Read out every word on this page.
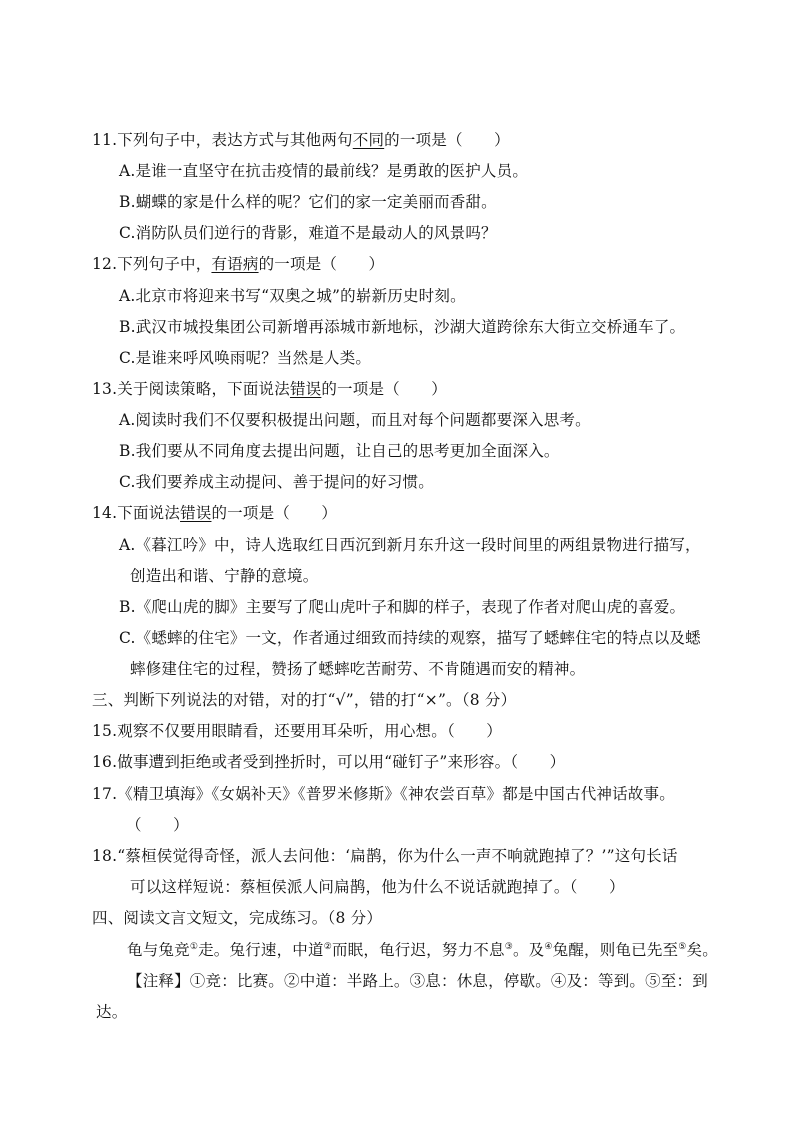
11.下列句子中，表达方式与其他两句不同的一项是（　　）
A.是谁一直坚守在抗击疫情的最前线？是勇敢的医护人员。
B.蝴蝶的家是什么样的呢？它们的家一定美丽而香甜。
C.消防队员们逆行的背影，难道不是最动人的风景吗？
12.下列句子中，有语病的一项是（　　）
A.北京市将迎来书写“双奥之城”的崭新历史时刻。
B.武汉市城投集团公司新增再添城市新地标，沙湖大道跨徐东大街立交桥通车了。
C.是谁来呼风唤雨呢？当然是人类。
13.关于阅读策略，下面说法错误的一项是（　　）
A.阅读时我们不仅要积极提出问题，而且对每个问题都要深入思考。
B.我们要从不同角度去提出问题，让自己的思考更加全面深入。
C.我们要养成主动提问、善于提问的好习惯。
14.下面说法错误的一项是（　　）
A.《暮江吟》中，诗人选取红日西沉到新月东升这一段时间里的两组景物进行描写，
创造出和谐、宁静的意境。
B.《爬山虎的脚》主要写了爬山虎叶子和脚的样子，表现了作者对爬山虎的喜爱。
C.《蟋蟀的住宅》一文，作者通过细致而持续的观察，描写了蟋蟀住宅的特点以及蟋
蟀修建住宅的过程，赞扬了蟋蟀吃苦耐劳、不肯随遇而安的精神。
三、判断下列说法的对错，对的打“√”，错的打“×”。（8 分）
15.观察不仅要用眼睛看，还要用耳朵听，用心想。（　　）
16.做事遭到拒绝或者受到挫折时，可以用“碰钉子”来形容。（　　）
17.《精卫填海》《女娲补天》《普罗米修斯》《神农尝百草》都是中国古代神话故事。
（　　）
18.“蔡桓侯觉得奇怪，派人去问他：‘扁鹊，你为什么一声不响就跑掉了？’”这句长话
可以这样短说：蔡桓侯派人问扁鹊，他为什么不说话就跑掉了。（　　）
四、阅读文言文短文，完成练习。（8 分）
龟与兔竞①走。兔行速，中道②而眠，龟行迟，努力不息③。及④兔醒，则龟已先至⑤矣。
【注释】①竞：比赛。②中道：半路上。③息：休息，停歇。④及：等到。⑤至：到
达。
